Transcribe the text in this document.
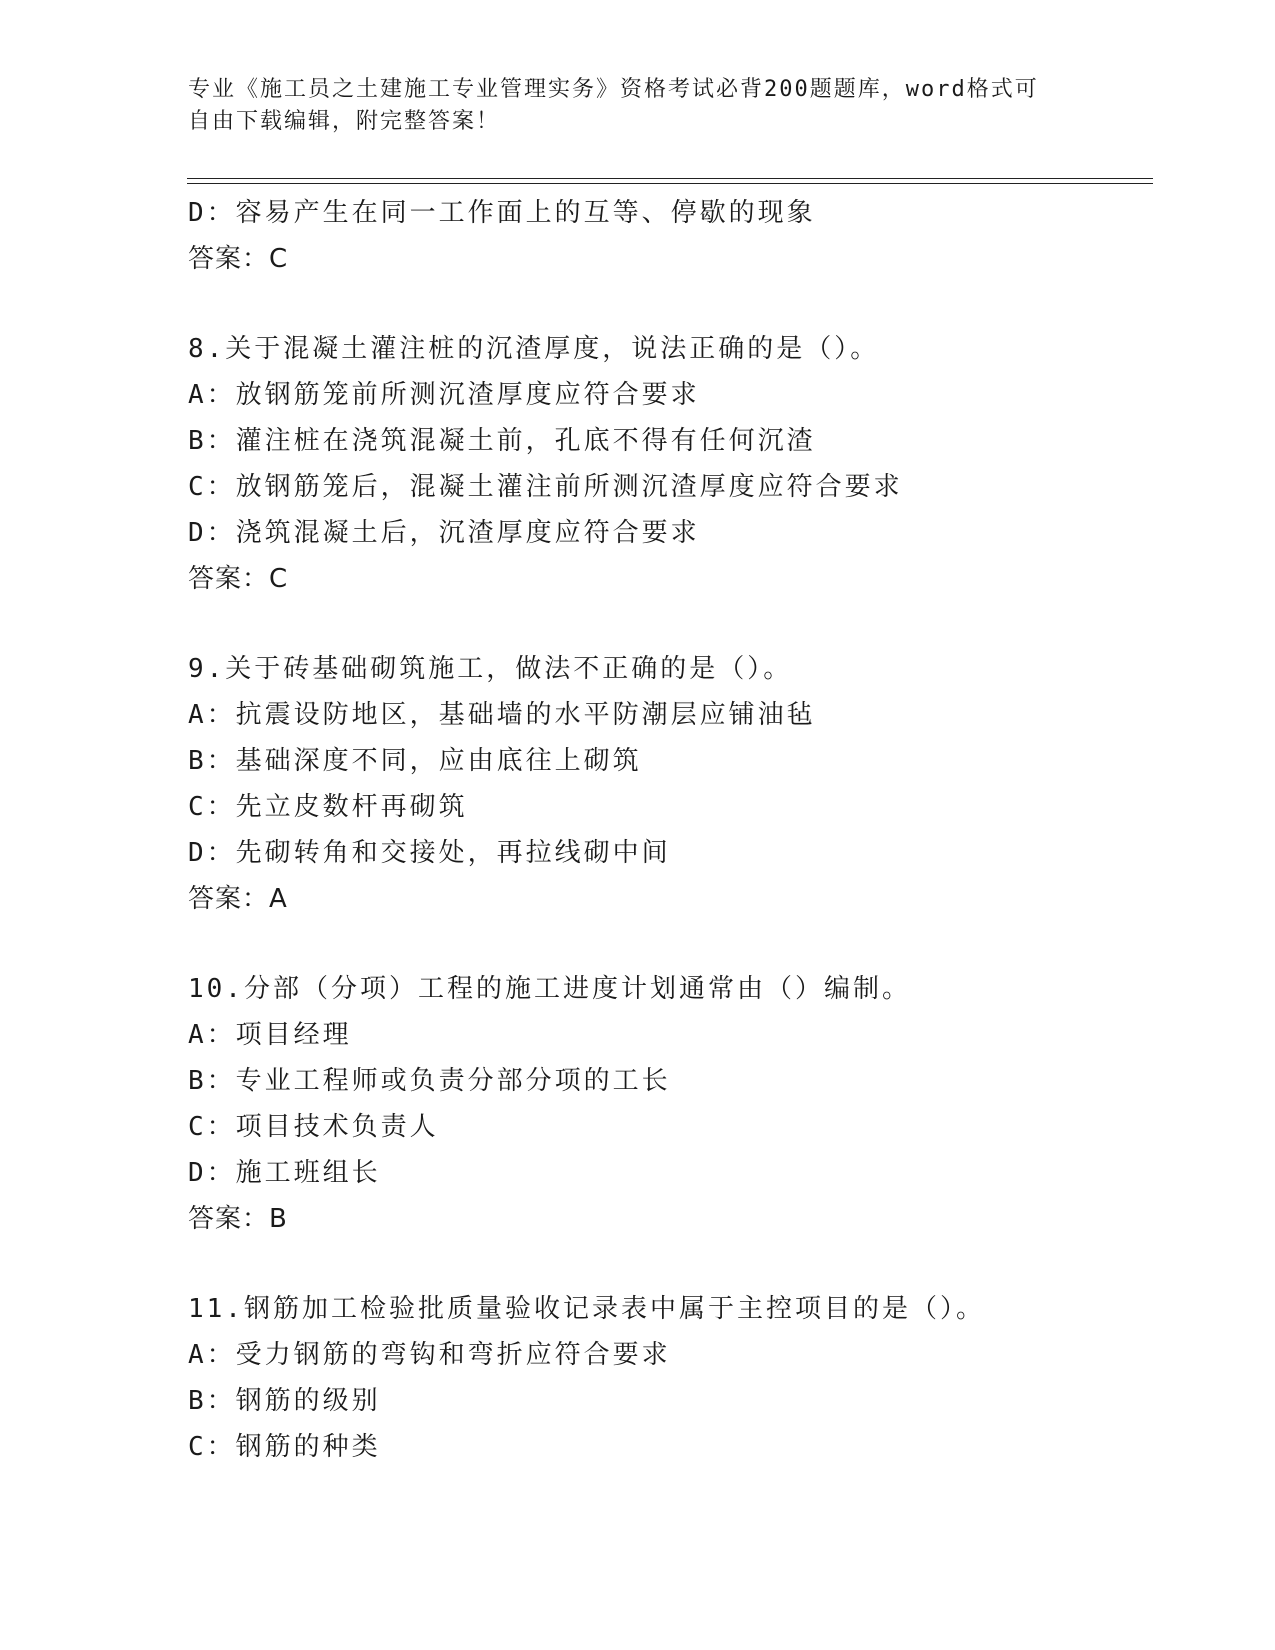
专业《施工员之土建施工专业管理实务》资格考试必背200题题库，word格式可
自由下载编辑，附完整答案！
D：容易产生在同一工作面上的互等、停歇的现象
答案：C
8.关于混凝土灌注桩的沉渣厚度，说法正确的是（）。
A：放钢筋笼前所测沉渣厚度应符合要求
B：灌注桩在浇筑混凝土前，孔底不得有任何沉渣
C：放钢筋笼后，混凝土灌注前所测沉渣厚度应符合要求
D：浇筑混凝土后，沉渣厚度应符合要求
答案：C
9.关于砖基础砌筑施工，做法不正确的是（）。
A：抗震设防地区，基础墙的水平防潮层应铺油毡
B：基础深度不同，应由底往上砌筑
C：先立皮数杆再砌筑
D：先砌转角和交接处，再拉线砌中间
答案：A
10.分部（分项）工程的施工进度计划通常由（）编制。
A：项目经理
B：专业工程师或负责分部分项的工长
C：项目技术负责人
D：施工班组长
答案：B
11.钢筋加工检验批质量验收记录表中属于主控项目的是（）。
A：受力钢筋的弯钩和弯折应符合要求
B：钢筋的级别
C：钢筋的种类
